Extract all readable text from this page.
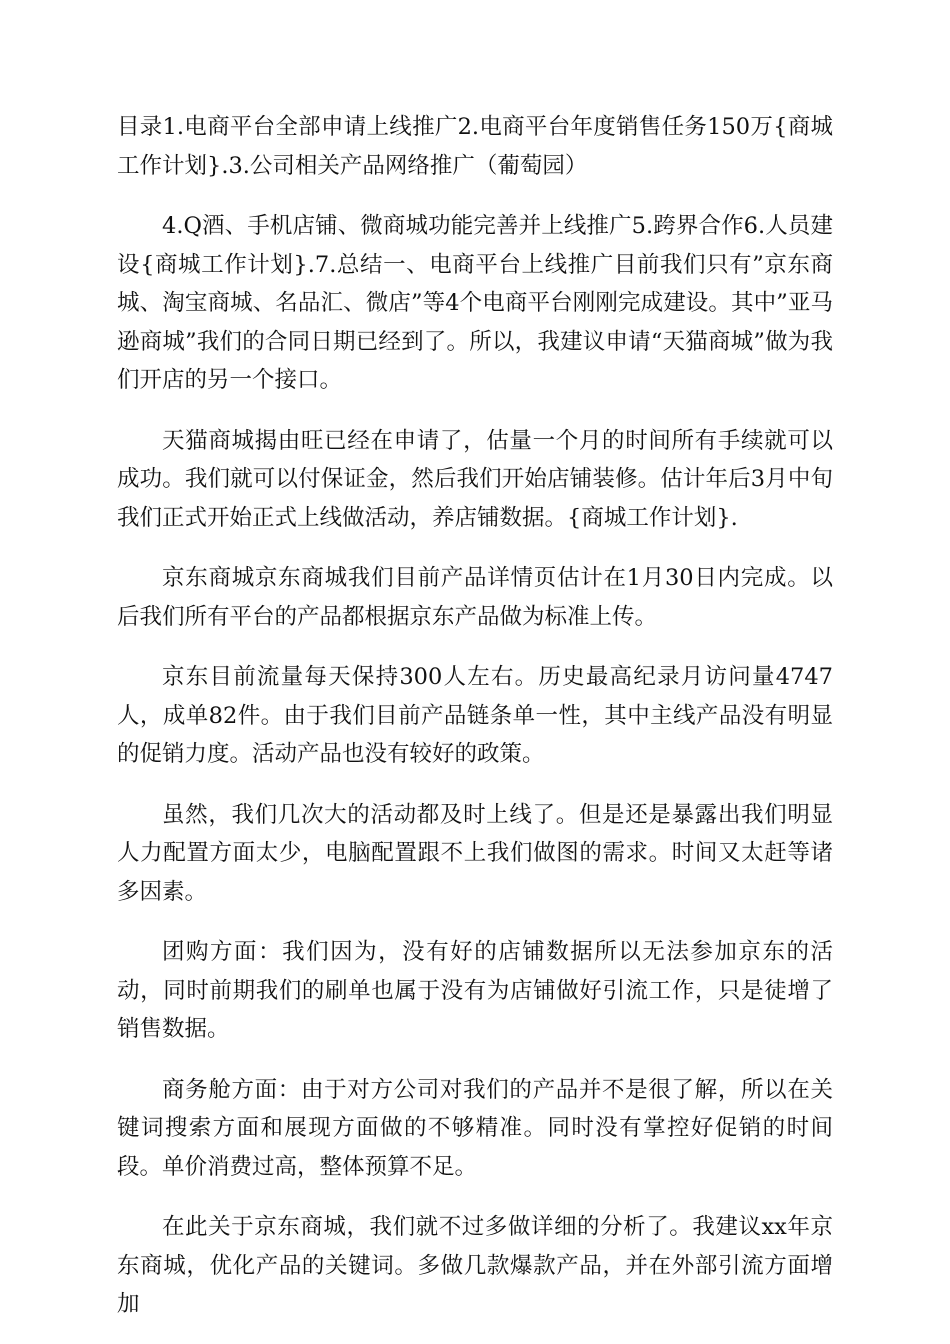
目录1.电商平台全部申请上线推广2.电商平台年度销售任务150万{商城工作计划}.3.公司相关产品网络推广（葡萄园）

4.Q酒、手机店铺、微商城功能完善并上线推广5.跨界合作6.人员建设{商城工作计划}.7.总结一、电商平台上线推广目前我们只有”京东商城、淘宝商城、名品汇、微店”等4个电商平台刚刚完成建设。其中”亚马逊商城”我们的合同日期已经到了。所以，我建议申请“天猫商城”做为我们开店的另一个接口。

天猫商城揭由旺已经在申请了，估量一个月的时间所有手续就可以成功。我们就可以付保证金，然后我们开始店铺装修。估计年后3月中旬我们正式开始正式上线做活动，养店铺数据。{商城工作计划}.

京东商城京东商城我们目前产品详情页估计在1月30日内完成。以后我们所有平台的产品都根据京东产品做为标准上传。

京东目前流量每天保持300人左右。历史最高纪录月访问量4747人，成单82件。由于我们目前产品链条单一性，其中主线产品没有明显的促销力度。活动产品也没有较好的政策。

虽然，我们几次大的活动都及时上线了。但是还是暴露出我们明显人力配置方面太少，电脑配置跟不上我们做图的需求。时间又太赶等诸多因素。

团购方面：我们因为，没有好的店铺数据所以无法参加京东的活动，同时前期我们的刷单也属于没有为店铺做好引流工作，只是徒增了销售数据。

商务舱方面：由于对方公司对我们的产品并不是很了解，所以在关键词搜索方面和展现方面做的不够精准。同时没有掌控好促销的时间段。单价消费过高，整体预算不足。

在此关于京东商城，我们就不过多做详细的分析了。我建议xx年京东商城，优化产品的关键词。多做几款爆款产品，并在外部引流方面增加
